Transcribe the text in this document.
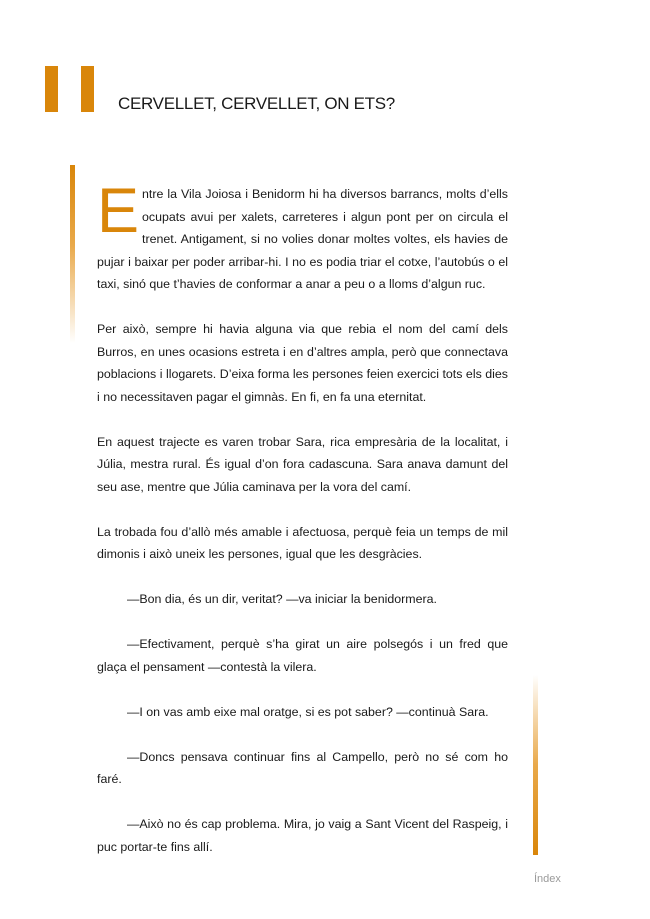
CERVELLET, CERVELLET, ON ETS?

Entre la Vila Joiosa i Benidorm hi ha diversos barrancs, molts d’ells ocupats avui per xalets, carreteres i algun pont per on circula el trenet. Antigament, si no volies donar moltes voltes, els havies de pujar i baixar per poder arribar-hi. I no es podia triar el cotxe, l’autobús o el taxi, sinó que t’havies de conformar a anar a peu o a lloms d’algun ruc.

Per això, sempre hi havia alguna via que rebia el nom del camí dels Burros, en unes ocasions estreta i en d’altres ampla, però que connectava poblacions i llogarets. D’eixa forma les persones feien exercici tots els dies i no necessitaven pagar el gimnàs. En fi, en fa una eternitat.

En aquest trajecte es varen trobar Sara, rica empresària de la localitat, i Júlia, mestra rural. És igual d’on fora cadascuna. Sara anava damunt del seu ase, mentre que Júlia caminava per la vora del camí.

La trobada fou d’allò més amable i afectuosa, perquè feia un temps de mil dimonis i això uneix les persones, igual que les desgràcies.

—Bon dia, és un dir, veritat? —va iniciar la benidormera.

—Efectivament, perquè s’ha girat un aire polsegós i un fred que glaça el pensament —contestà la vilera.

—I on vas amb eixe mal oratge, si es pot saber? —continuà Sara.

—Doncs pensava continuar fins al Campello, però no sé com ho faré.

—Això no és cap problema. Mira, jo vaig a Sant Vicent del Raspeig, i puc portar-te fins allí.

Índex
